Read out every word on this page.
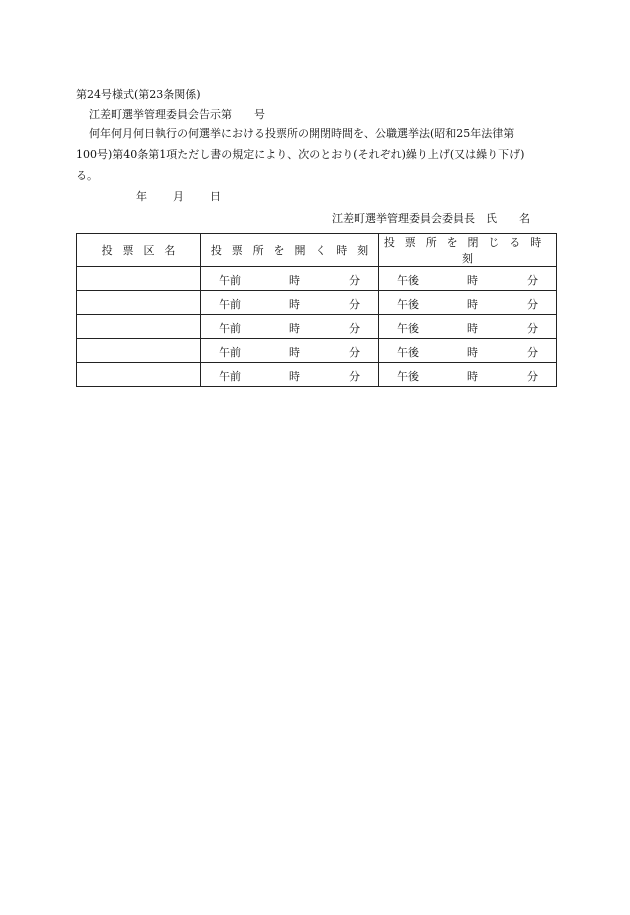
第24号様式(第23条関係)
江差町選挙管理委員会告示第　　号
何年何月何日執行の何選挙における投票所の開閉時間を、公職選挙法(昭和25年法律第
100号)第40条第1項ただし書の規定により、次のとおり(それぞれ)繰り上げ(又は繰り下げ)
る。
年 月 日
江差町選挙管理委員会委員長　氏　　名
投票区名	投票所を開く時刻	投票所を閉じる時刻

	午前 時 分	午後 時 分

	午前 時 分	午後 時 分

	午前 時 分	午後 時 分

	午前 時 分	午後 時 分

	午前 時 分	午後 時 分
